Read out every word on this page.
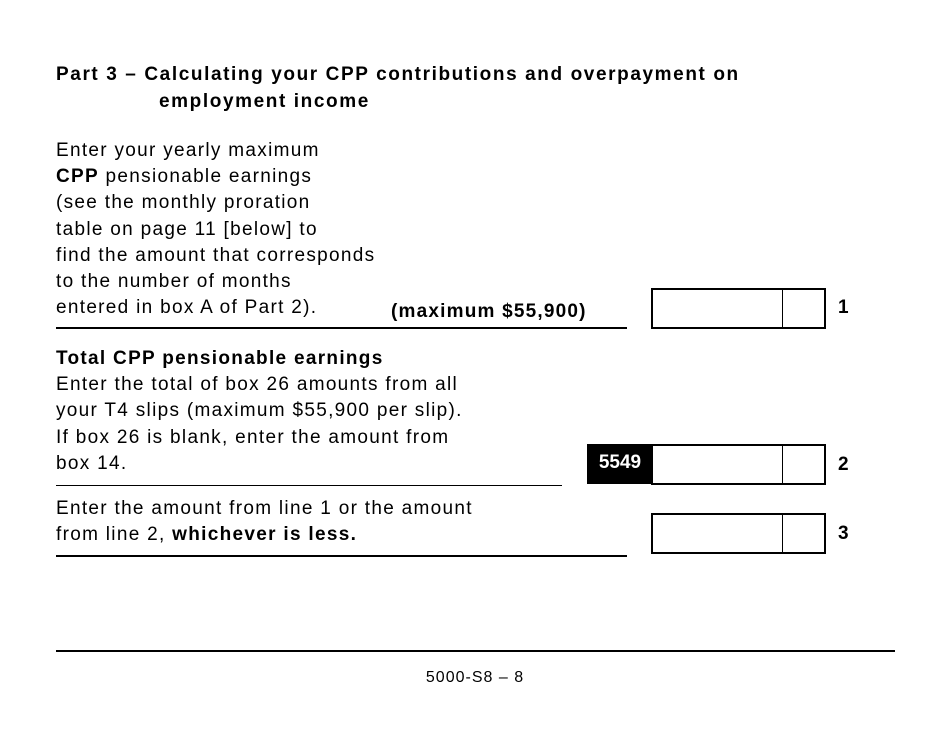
Part 3 – Calculating your CPP contributions and overpayment on
employment income
Enter your yearly maximum
CPP pensionable earnings
(see the monthly proration
table on page 11 [below] to
find the amount that corresponds
to the number of months
entered in box A of Part 2).	(maximum $55,900)	1
Total CPP pensionable earnings
Enter the total of box 26 amounts from all
your T4 slips (maximum $55,900 per slip).
If box 26 is blank, enter the amount from
box 14.	5549	2
Enter the amount from line 1 or the amount
from line 2, whichever is less.	3
5000-S8 – 8
